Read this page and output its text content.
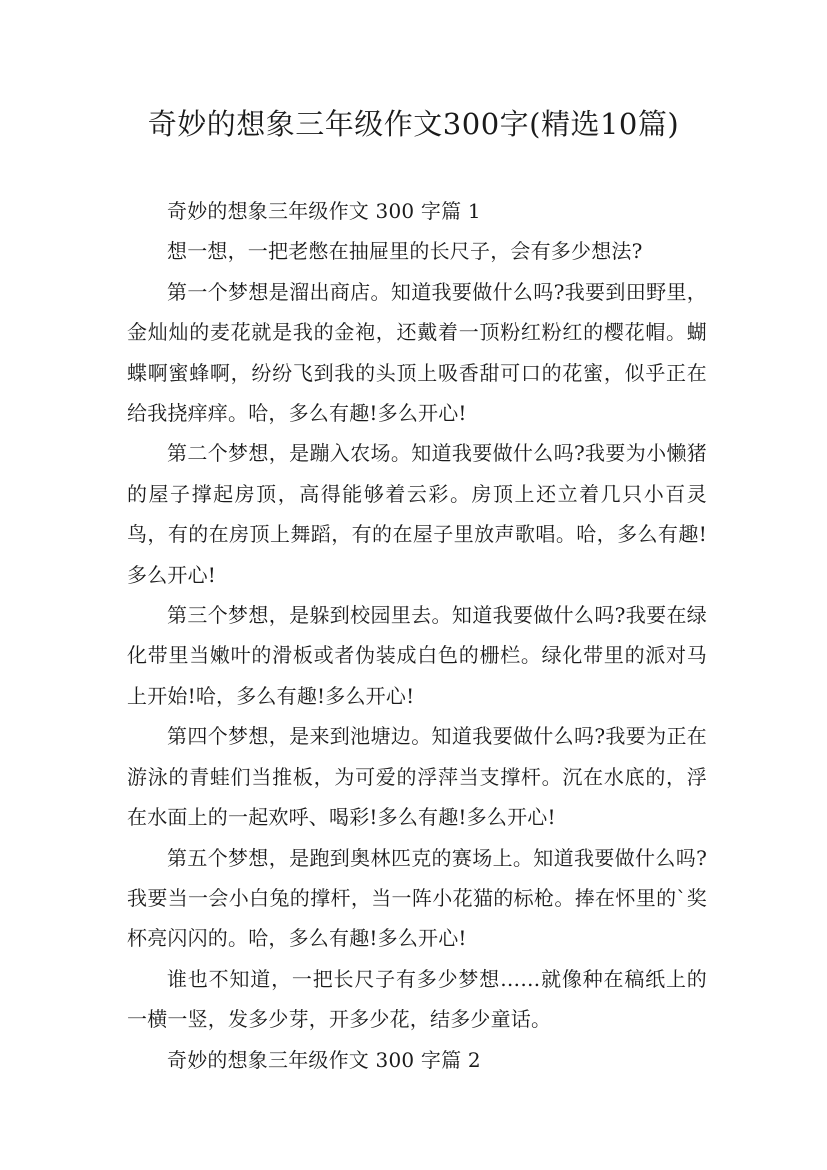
奇妙的想象三年级作文300字(精选10篇)

奇妙的想象三年级作文 300 字篇 1

想一想，一把老憋在抽屉里的长尺子，会有多少想法?

第一个梦想是溜出商店。知道我要做什么吗?我要到田野里，金灿灿的麦花就是我的金袍，还戴着一顶粉红粉红的樱花帽。蝴蝶啊蜜蜂啊，纷纷飞到我的头顶上吸香甜可口的花蜜，似乎正在给我挠痒痒。哈，多么有趣!多么开心!

第二个梦想，是蹦入农场。知道我要做什么吗?我要为小懒猪的屋子撑起房顶，高得能够着云彩。房顶上还立着几只小百灵鸟，有的在房顶上舞蹈，有的在屋子里放声歌唱。哈，多么有趣!多么开心!

第三个梦想，是躲到校园里去。知道我要做什么吗?我要在绿化带里当嫩叶的滑板或者伪装成白色的栅栏。绿化带里的派对马上开始!哈，多么有趣!多么开心!

第四个梦想，是来到池塘边。知道我要做什么吗?我要为正在游泳的青蛙们当推板，为可爱的浮萍当支撑杆。沉在水底的，浮在水面上的一起欢呼、喝彩!多么有趣!多么开心!

第五个梦想，是跑到奥林匹克的赛场上。知道我要做什么吗?我要当一会小白兔的撑杆，当一阵小花猫的标枪。捧在怀里的`奖杯亮闪闪的。哈，多么有趣!多么开心!

谁也不知道，一把长尺子有多少梦想……就像种在稿纸上的一横一竖，发多少芽，开多少花，结多少童话。

奇妙的想象三年级作文 300 字篇 2
